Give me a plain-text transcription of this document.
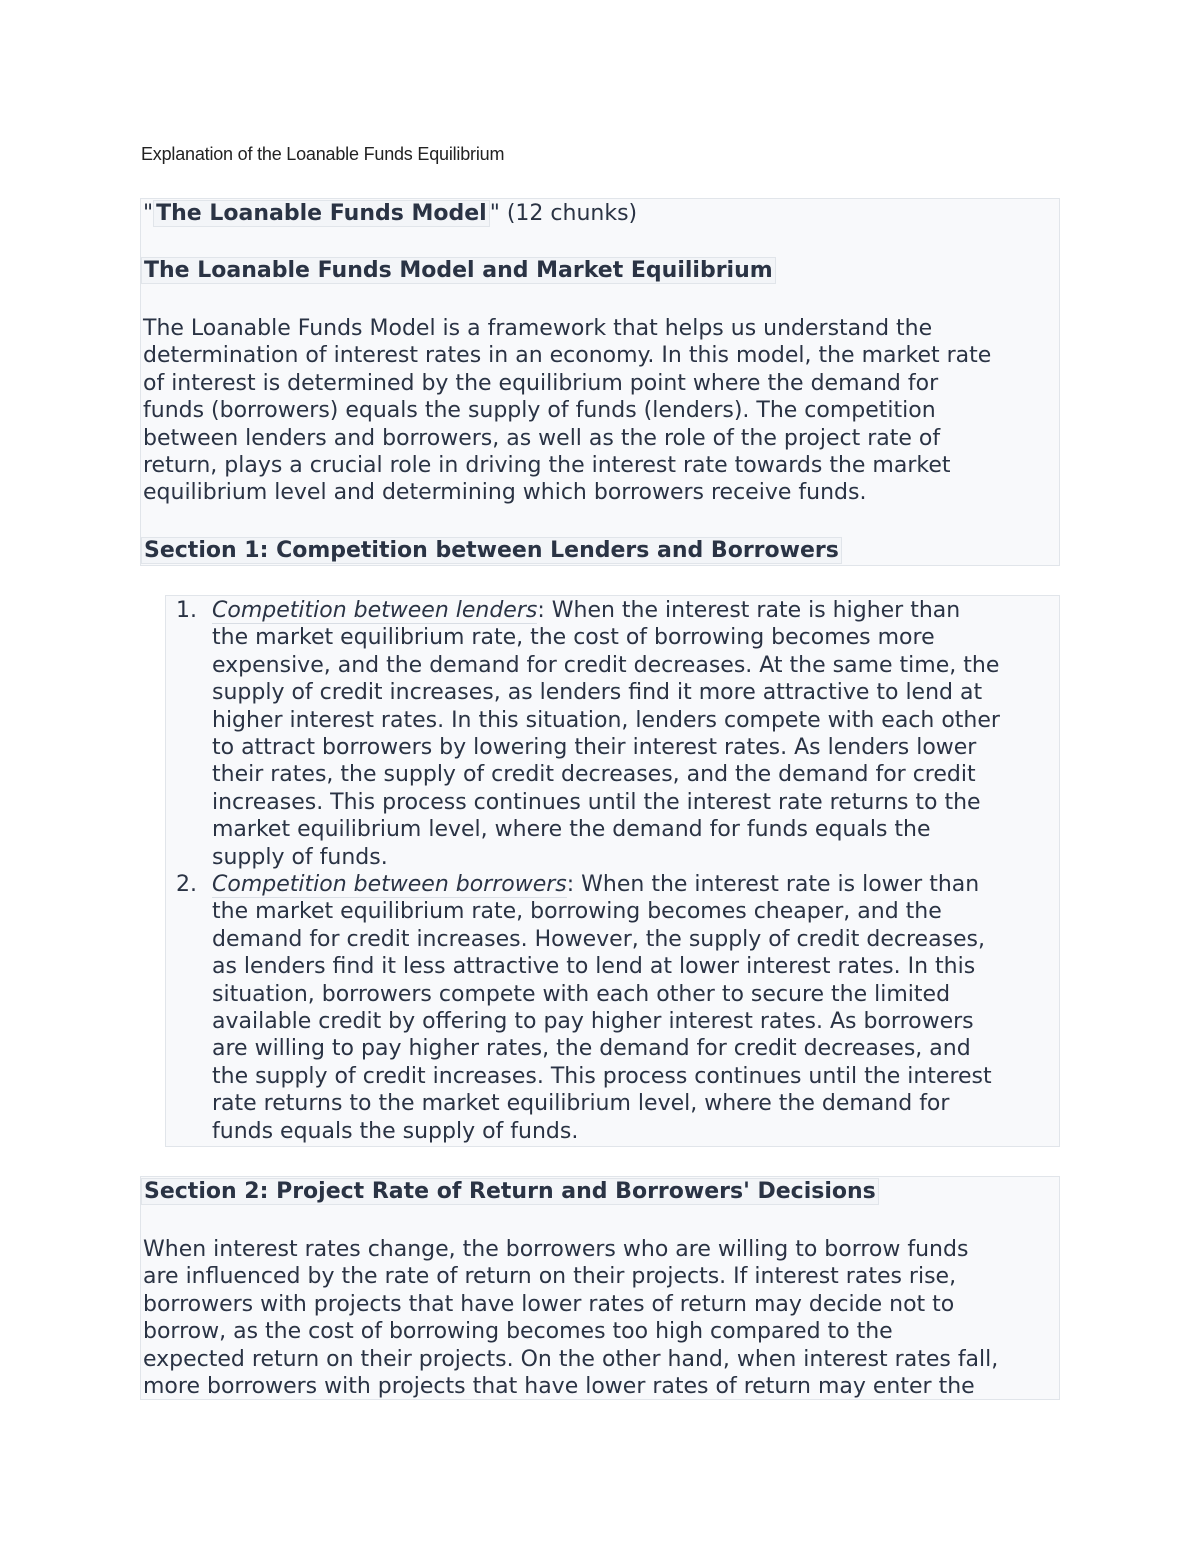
Explanation of the Loanable Funds Equilibrium
" The Loanable Funds Model " (12 chunks)
The Loanable Funds Model and Market Equilibrium
The Loanable Funds Model is a framework that helps us understand the
determination of interest rates in an economy. In this model, the market rate
of interest is determined by the equilibrium point where the demand for
funds (borrowers) equals the supply of funds (lenders). The competition
between lenders and borrowers, as well as the role of the project rate of
return, plays a crucial role in driving the interest rate towards the market
equilibrium level and determining which borrowers receive funds.
Section 1: Competition between Lenders and Borrowers
1. Competition between lenders: When the interest rate is higher than
the market equilibrium rate, the cost of borrowing becomes more
expensive, and the demand for credit decreases. At the same time, the
supply of credit increases, as lenders find it more attractive to lend at
higher interest rates. In this situation, lenders compete with each other
to attract borrowers by lowering their interest rates. As lenders lower
their rates, the supply of credit decreases, and the demand for credit
increases. This process continues until the interest rate returns to the
market equilibrium level, where the demand for funds equals the
supply of funds.
2. Competition between borrowers: When the interest rate is lower than
the market equilibrium rate, borrowing becomes cheaper, and the
demand for credit increases. However, the supply of credit decreases,
as lenders find it less attractive to lend at lower interest rates. In this
situation, borrowers compete with each other to secure the limited
available credit by offering to pay higher interest rates. As borrowers
are willing to pay higher rates, the demand for credit decreases, and
the supply of credit increases. This process continues until the interest
rate returns to the market equilibrium level, where the demand for
funds equals the supply of funds.
Section 2: Project Rate of Return and Borrowers' Decisions
When interest rates change, the borrowers who are willing to borrow funds
are influenced by the rate of return on their projects. If interest rates rise,
borrowers with projects that have lower rates of return may decide not to
borrow, as the cost of borrowing becomes too high compared to the
expected return on their projects. On the other hand, when interest rates fall,
more borrowers with projects that have lower rates of return may enter the
